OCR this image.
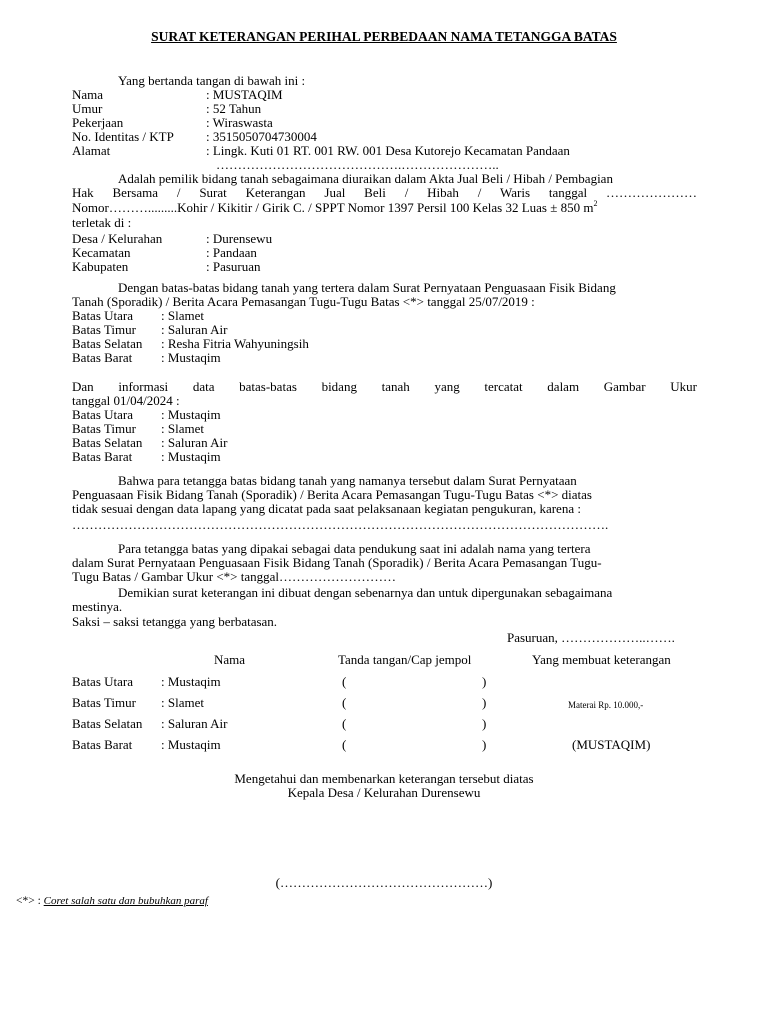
SURAT KETERANGAN PERIHAL PERBEDAAN NAMA TETANGGA BATAS
Yang bertanda tangan di bawah ini :
Nama	: MUSTAQIM
Umur	: 52 Tahun
Pekerjaan	: Wiraswasta
No. Identitas / KTP : 3515050704730004
Alamat	: Lingk. Kuti 01 RT. 001 RW. 001 Desa Kutorejo Kecamatan Pandaan
…………………………………….…………………..
Adalah pemilik bidang tanah sebagaimana diuraikan dalam Akta Jual Beli / Hibah / Pembagian
Hak Bersama / Surat Keterangan Jual Beli / Hibah / Waris tanggal …………………
Nomor……….........Kohir / Kikitir / Girik C. / SPPT Nomor 1397 Persil 100 Kelas 32 Luas ± 850 $m^2$
terletak di :
Desa / Kelurahan	: Durensewu
Kecamatan	: Pandaan
Kabupaten	: Pasuruan
Dengan batas-batas bidang tanah yang tertera dalam Surat Pernyataan Penguasaan Fisik Bidang
Tanah (Sporadik) / Berita Acara Pemasangan Tugu-Tugu Batas <*> tanggal 25/07/2019 :
Batas Utara : Slamet
Batas Timur : Saluran Air
Batas Selatan : Resha Fitria Wahyuningsih
Batas Barat : Mustaqim
Dan informasi data batas-batas bidang tanah yang tercatat dalam Gambar Ukur
tanggal 01/04/2024 :
Batas Utara : Mustaqim
Batas Timur : Slamet
Batas Selatan : Saluran Air
Batas Barat : Mustaqim
Bahwa para tetangga batas bidang tanah yang namanya tersebut dalam Surat Pernyataan
Penguasaan Fisik Bidang Tanah (Sporadik) / Berita Acara Pemasangan Tugu-Tugu Batas <*> diatas
tidak sesuai dengan data lapang yang dicatat pada saat pelaksanaan kegiatan pengukuran, karena :
…………………………………………………………………………………………………………….
Para tetangga batas yang dipakai sebagai data pendukung saat ini adalah nama yang tertera
dalam Surat Pernyataan Penguasaan Fisik Bidang Tanah (Sporadik) / Berita Acara Pemasangan Tugu-
Tugu Batas / Gambar Ukur <*> tanggal………………………
Demikian surat keterangan ini dibuat dengan sebenarnya dan untuk dipergunakan sebagaimana
mestinya.
Saksi – saksi tetangga yang berbatasan.
Pasuruan, ………………..…….
Nama	Tanda tangan/Cap jempol	Yang membuat keterangan
Batas Utara : Mustaqim	(	)
Batas Timur : Slamet	(	)	Materai Rp. 10.000,-
Batas Selatan : Saluran Air	(	)
Batas Barat : Mustaqim	(	)	(MUSTAQIM)
Mengetahui dan membenarkan keterangan tersebut diatas
Kepala Desa / Kelurahan Durensewu
(…………………………………………)
<*> : Coret salah satu dan bubuhkan paraf
